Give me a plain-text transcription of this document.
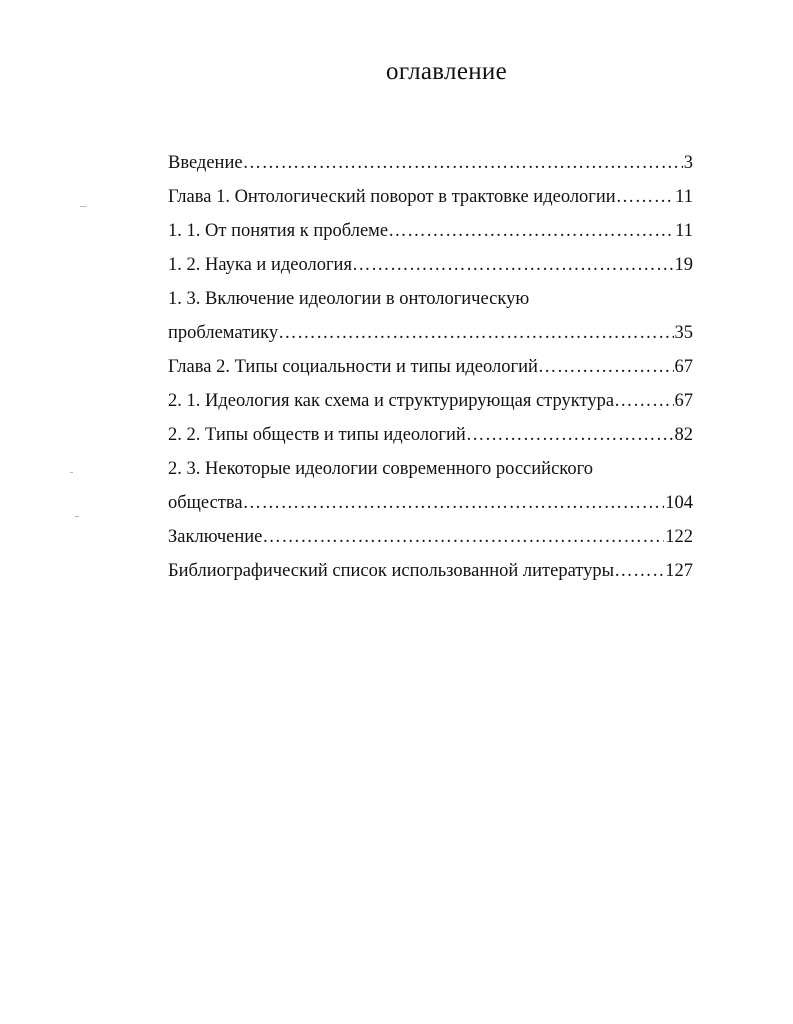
оглавление
Введение …………………………………………………………………………………………………………………………………………………………	3
Глава 1. Онтологический поворот в трактовке идеологии …………………………………………………………………………………………………………………………………………………………	11
1. 1. От понятия к проблеме …………………………………………………………………………………………………………………………………………………………	11
1. 2. Наука и идеология …………………………………………………………………………………………………………………………………………………………	19
1. 3. Включение идеологии в онтологическую
проблематику …………………………………………………………………………………………………………………………………………………………	35
Глава 2. Типы социальности и типы идеологий …………………………………………………………………………………………………………………………………………………………	67
2. 1. Идеология как схема и структурирующая структура …………………………………………………………………………………………………………………………………………………………	67
2. 2. Типы обществ и типы идеологий …………………………………………………………………………………………………………………………………………………………	82
2. 3. Некоторые идеологии современного российского
общества …………………………………………………………………………………………………………………………………………………………	104
Заключение …………………………………………………………………………………………………………………………………………………………	122
Библиографический список использованной литературы …………………………………………………………………………………………………………………………………………………………	127
